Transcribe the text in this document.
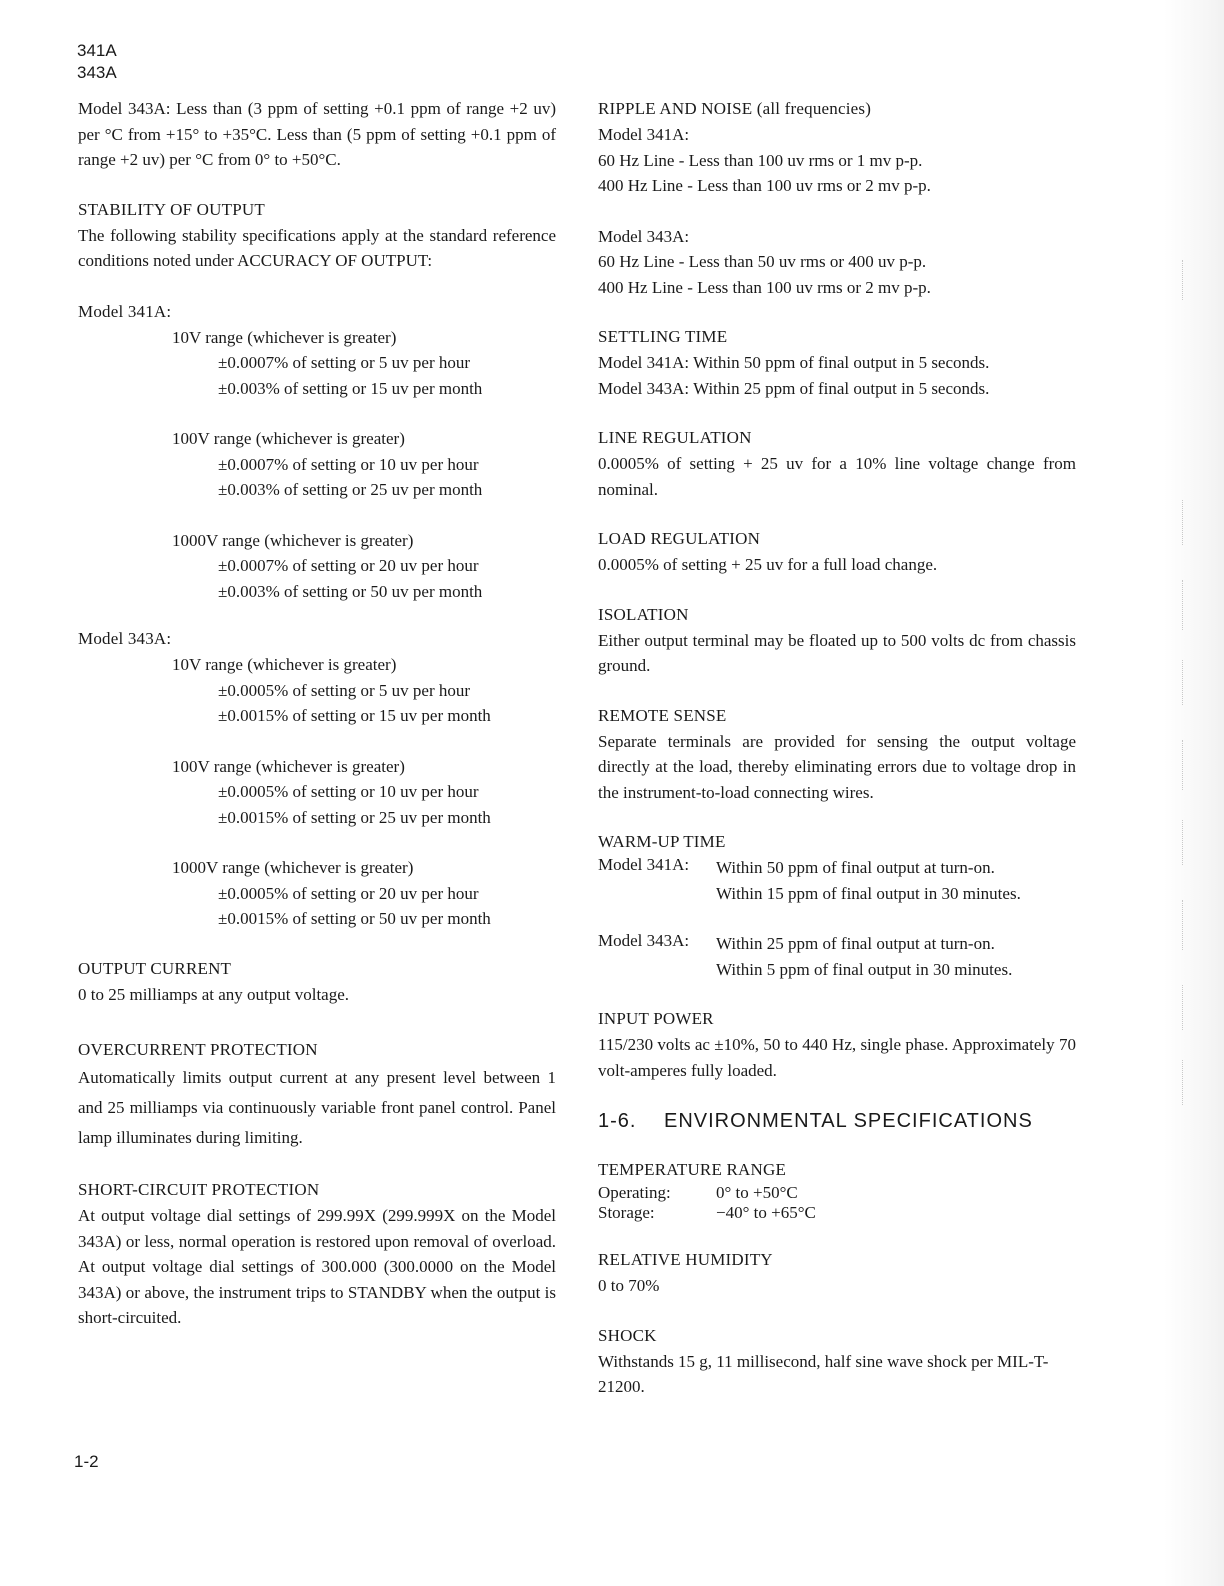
341A
343A

Model 343A: Less than (3 ppm of setting +0.1 ppm of range +2 uv) per °C from +15° to +35°C. Less than (5 ppm of setting +0.1 ppm of range +2 uv) per °C from 0° to +50°C.

STABILITY OF OUTPUT

The following stability specifications apply at the standard reference conditions noted under ACCURACY OF OUTPUT:

Model 341A:
10V range (whichever is greater)
±0.0007% of setting or 5 uv per hour
±0.003% of setting or 15 uv per month
100V range (whichever is greater)
±0.0007% of setting or 10 uv per hour
±0.003% of setting or 25 uv per month
1000V range (whichever is greater)
±0.0007% of setting or 20 uv per hour
±0.003% of setting or 50 uv per month
Model 343A:
10V range (whichever is greater)
±0.0005% of setting or 5 uv per hour
±0.0015% of setting or 15 uv per month
100V range (whichever is greater)
±0.0005% of setting or 10 uv per hour
±0.0015% of setting or 25 uv per month
1000V range (whichever is greater)
±0.0005% of setting or 20 uv per hour
±0.0015% of setting or 50 uv per month
OUTPUT CURRENT

0 to 25 milliamps at any output voltage.

OVERCURRENT PROTECTION

Automatically limits output current at any present level between 1 and 25 milliamps via continuously variable front panel control. Panel lamp illuminates during limiting.

SHORT-CIRCUIT PROTECTION

At output voltage dial settings of 299.99X (299.999X on the Model 343A) or less, normal operation is restored upon removal of overload. At output voltage dial settings of 300.000 (300.0000 on the Model 343A) or above, the instrument trips to STANDBY when the output is short-circuited.

RIPPLE AND NOISE (all frequencies)

Model 341A:

60 Hz Line - Less than 100 uv rms or 1 mv p-p.

400 Hz Line - Less than 100 uv rms or 2 mv p-p.

Model 343A:

60 Hz Line - Less than 50 uv rms or 400 uv p-p.

400 Hz Line - Less than 100 uv rms or 2 mv p-p.

SETTLING TIME

Model 341A: Within 50 ppm of final output in 5 seconds.

Model 343A: Within 25 ppm of final output in 5 seconds.

LINE REGULATION

0.0005% of setting + 25 uv for a 10% line voltage change from nominal.

LOAD REGULATION

0.0005% of setting + 25 uv for a full load change.

ISOLATION

Either output terminal may be floated up to 500 volts dc from chassis ground.

REMOTE SENSE

Separate terminals are provided for sensing the output voltage directly at the load, thereby eliminating errors due to voltage drop in the instrument-to-load connecting wires.

WARM-UP TIME
Model 341A:	Within 50 ppm of final output at turn-on.

Within 15 ppm of final output in 30 minutes.

Model 343A:	Within 25 ppm of final output at turn-on.

Within 5 ppm of final output in 30 minutes.

INPUT POWER

115/230 volts ac ±10%, 50 to 440 Hz, single phase. Approximately 70 volt-amperes fully loaded.

1-6. ENVIRONMENTAL SPECIFICATIONS
TEMPERATURE RANGE
Operating:	0° to +50°C
Storage:	−40° to +65°C
RELATIVE HUMIDITY

0 to 70%

SHOCK

Withstands 15 g, 11 millisecond, half sine wave shock per MIL-T-21200.

1-2
